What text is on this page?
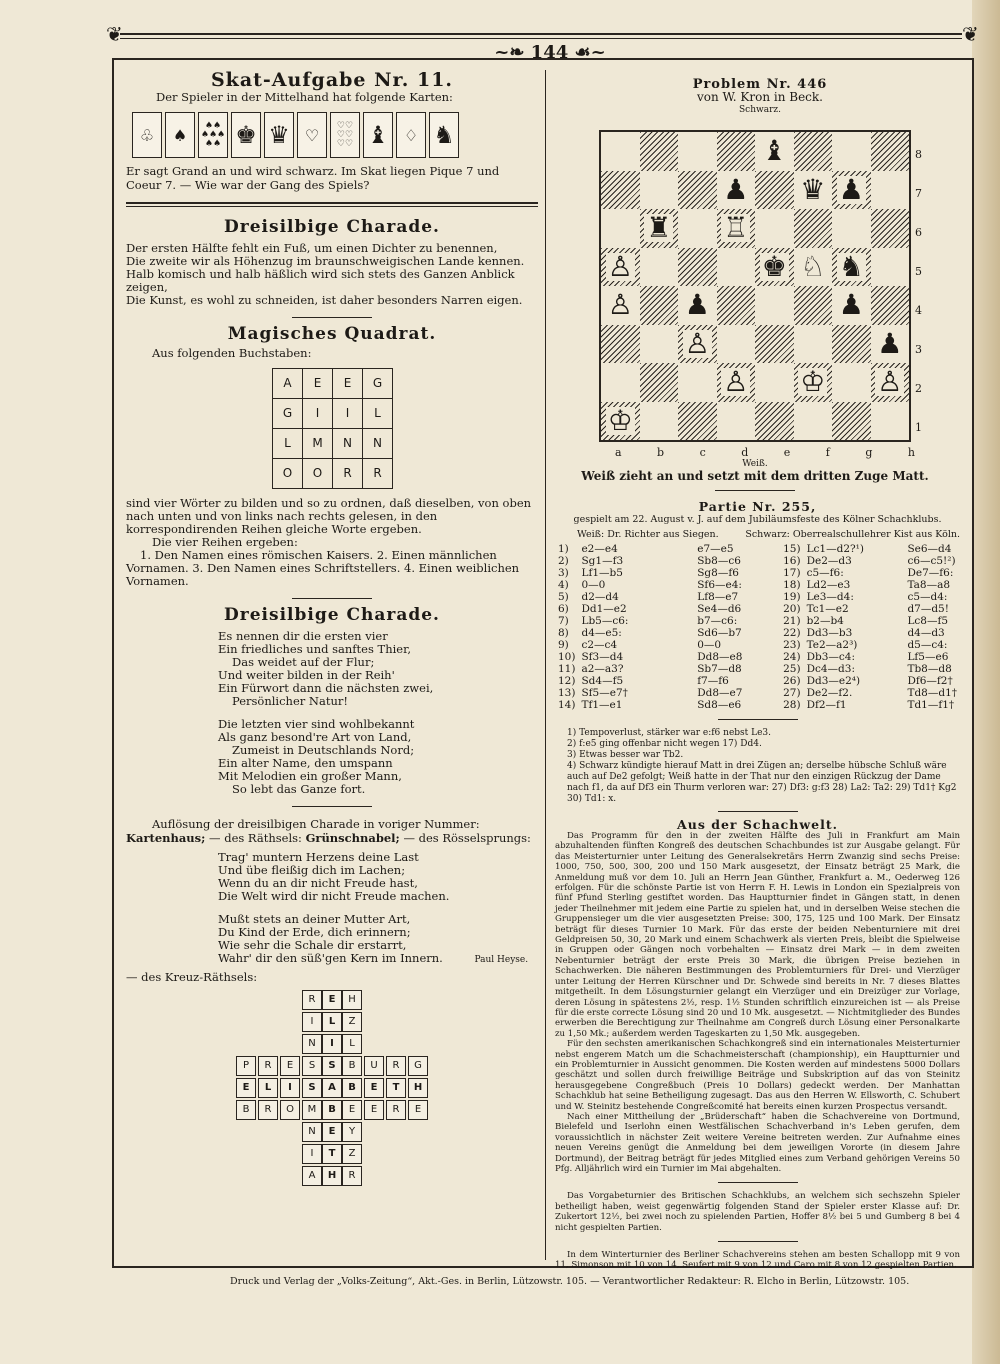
❦	❦
~❧ 144 ☙~
Skat-Aufgabe Nr. 11.

Der Spieler in der Mittelhand hat folgende Karten:

♧	♠	♠♠
♠♠♠
♠♠ ♚ ♛ ♡	♡♡
♡♡
♡♡ ♝ ♢ ♞

Er sagt Grand an und wird schwarz. Im Skat liegen Pique 7 und Coeur 7. — Wie war der Gang des Spiels?

Dreisilbige Charade.
Der ersten Hälfte fehlt ein Fuß, um einen Dichter zu benennen,
Die zweite wir als Höhenzug im braunschweigischen Lande kennen.
Halb komisch und halb häßlich wird sich stets des Ganzen Anblick zeigen,
Die Kunst, es wohl zu schneiden, ist daher besonders Narren eigen.
Magisches Quadrat.

Aus folgenden Buchstaben:

A	E	E	G
G	I	I	L
L	M	N	N
O	O	R	R

sind vier Wörter zu bilden und so zu ordnen, daß dieselben, von oben nach unten und von links nach rechts gelesen, in den korrespondirenden Reihen gleiche Worte ergeben.

Die vier Reihen ergeben:

1. Den Namen eines römischen Kaisers. 2. Einen männlichen Vornamen. 3. Den Namen eines Schriftstellers. 4. Einen weiblichen Vornamen.

Dreisilbige Charade.
Es nennen dir die ersten vier
Ein friedliches und sanftes Thier,
Das weidet auf der Flur;
Und weiter bilden in der Reih'
Ein Fürwort dann die nächsten zwei,
Persönlicher Natur!
Die letzten vier sind wohlbekannt
Als ganz besond're Art von Land,
Zumeist in Deutschlands Nord;
Ein alter Name, den umspann
Mit Melodien ein großer Mann,
So lebt das Ganze fort.

Auflösung der dreisilbigen Charade in voriger Nummer: Kartenhaus; — des Räthsels: Grünschnabel; — des Rösselsprungs:

Trag' muntern Herzens deine Last
Und übe fleißig dich im Lachen;
Wenn du an dir nicht Freude hast,
Die Welt wird dir nicht Freude machen.
Mußt stets an deiner Mutter Art,
Du Kind der Erde, dich erinnern;
Wie sehr die Schale dir erstarrt,
Wahr' dir den süß'gen Kern im Innern.	Paul Heyse.

— des Kreuz-Räthsels:

R	E	H
I	L	Z
N	I	L
P	R	E	S	S	B	U	R	G
E	L	I	S	A	B	E	T	H
B	R	O	M	B	E	E	R	E
N	E	Y
I	T	Z
A	H	R
Problem Nr. 446
von W. Kron in Beck.
Schwarz.
♝
♟ ♛ ♟
♜ ♖
♙	♚ ♘ ♞
♙ ♟	♟
♙	♟
♙ ♔ ♙
♔
8
7
6
5
4
3
2
1
a	b	c	d	e	f	g	h
Weiß.
Weiß zieht an und setzt mit dem dritten Zuge Matt.
Partie Nr. 255,
gespielt am 22. August v. J. auf dem Jubiläumsfeste des Kölner Schachklubs.
Weiß: Dr. Richter aus Siegen.	Schwarz: Oberrealschullehrer Kist aus Köln.
1)	e2—e4	e7—e5	15)	Lc1—d2?¹)	Se6—d4
2)	Sg1—f3	Sb8—c6	16)	De2—d3	c6—c5!²)
3)	Lf1—b5	Sg8—f6	17)	c5—f6:	De7—f6:
4)	0—0	Sf6—e4:	18)	Ld2—e3	Ta8—a8
5)	d2—d4	Lf8—e7	19)	Le3—d4:	c5—d4:
6)	Dd1—e2	Se4—d6	20)	Tc1—e2	d7—d5!
7)	Lb5—c6:	b7—c6:	21)	b2—b4	Lc8—f5
8)	d4—e5:	Sd6—b7	22)	Dd3—b3	d4—d3
9)	c2—c4	0—0	23)	Te2—a2³)	d5—c4:
10)	Sf3—d4	Dd8—e8	24)	Db3—c4:	Lf5—e6
11)	a2—a3?	Sb7—d8	25)	Dc4—d3:	Tb8—d8
12)	Sd4—f5	f7—f6	26)	Dd3—e2⁴)	Df6—f2†
13)	Sf5—e7†	Dd8—e7	27)	De2—f2.	Td8—d1†
14)	Tf1—e1	Sd8—e6	28)	Df2—f1	Td1—f1†
1) Tempoverlust, stärker war e:f6 nebst Le3.
2) f:e5 ging offenbar nicht wegen 17) Dd4.
3) Etwas besser war Tb2.
4) Schwarz kündigte hierauf Matt in drei Zügen an; derselbe hübsche Schluß wäre auch auf De2 gefolgt; Weiß hatte in der That nur den einzigen Rückzug der Dame nach f1, da auf Df3 ein Thurm verloren war: 27) Df3: g:f3 28) La2: Ta2: 29) Td1† Kg2 30) Td1: x.
Aus der Schachwelt.

Das Programm für den in der zweiten Hälfte des Juli in Frankfurt am Main abzuhaltenden fünften Kongreß des deutschen Schachbundes ist zur Ausgabe gelangt. Für das Meisterturnier unter Leitung des Generalsekretärs Herrn Zwanzig sind sechs Preise: 1000, 750, 500, 300, 200 und 150 Mark ausgesetzt, der Einsatz beträgt 25 Mark, die Anmeldung muß vor dem 10. Juli an Herrn Jean Günther, Frankfurt a. M., Oederweg 126 erfolgen. Für die schönste Partie ist von Herrn F. H. Lewis in London ein Spezialpreis von fünf Pfund Sterling gestiftet worden. Das Hauptturnier findet in Gängen statt, in denen jeder Theilnehmer mit jedem eine Partie zu spielen hat, und in derselben Weise stechen die Gruppensieger um die vier ausgesetzten Preise: 300, 175, 125 und 100 Mark. Der Einsatz beträgt für dieses Turnier 10 Mark. Für das erste der beiden Nebenturniere mit drei Geldpreisen 50, 30, 20 Mark und einem Schachwerk als vierten Preis, bleibt die Spielweise in Gruppen oder Gängen noch vorbehalten — Einsatz drei Mark — in dem zweiten Nebenturnier beträgt der erste Preis 30 Mark, die übrigen Preise beziehen in Schachwerken. Die näheren Bestimmungen des Problemturniers für Drei- und Vierzüger unter Leitung der Herren Kürschner und Dr. Schwede sind bereits in Nr. 7 dieses Blattes mitgetheilt. In dem Lösungsturnier gelangt ein Vierzüger und ein Dreizüger zur Vorlage, deren Lösung in spätestens 2½, resp. 1½ Stunden schriftlich einzureichen ist — als Preise für die erste correcte Lösung sind 20 und 10 Mk. ausgesetzt. — Nichtmitglieder des Bundes erwerben die Berechtigung zur Theilnahme am Congreß durch Lösung einer Personalkarte zu 1,50 Mk.; außerdem werden Tageskarten zu 1,50 Mk. ausgegeben.

Für den sechsten amerikanischen Schachkongreß sind ein internationales Meisterturnier nebst engerem Match um die Schachmeisterschaft (championship), ein Hauptturnier und ein Problemturnier in Aussicht genommen. Die Kosten werden auf mindestens 5000 Dollars geschätzt und sollen durch freiwillige Beiträge und Subskription auf das von Steinitz herausgegebene Congreßbuch (Preis 10 Dollars) gedeckt werden. Der Manhattan Schachklub hat seine Betheiligung zugesagt. Das aus den Herren W. Ellsworth, C. Schubert und W. Steinitz bestehende Congreßcomité hat bereits einen kurzen Prospectus versandt.

Nach einer Mittheilung der „Brüderschaft“ haben die Schachvereine von Dortmund, Bielefeld und Iserlohn einen Westfälischen Schachverband in's Leben gerufen, dem voraussichtlich in nächster Zeit weitere Vereine beitreten werden. Zur Aufnahme eines neuen Vereins genügt die Anmeldung bei dem jeweiligen Vororte (in diesem Jahre Dortmund), der Beitrag beträgt für jedes Mitglied eines zum Verband gehörigen Vereins 50 Pfg. Alljährlich wird ein Turnier im Mai abgehalten.

Das Vorgabeturnier des Britischen Schachklubs, an welchem sich sechszehn Spieler betheiligt haben, weist gegenwärtig folgenden Stand der Spieler erster Klasse auf: Dr. Zukertort 12½, bei zwei noch zu spielenden Partien, Hoffer 8½ bei 5 und Gumberg 8 bei 4 nicht gespielten Partien.

In dem Winterturnier des Berliner Schachvereins stehen am besten Schallopp mit 9 von 11, Simonson mit 10 von 14, Seufert mit 9 von 12 und Caro mit 8 von 12 gespielten Partien.

Druck und Verlag der „Volks-Zeitung“, Akt.-Ges. in Berlin, Lützowstr. 105. — Verantwortlicher Redakteur: R. Elcho in Berlin, Lützowstr. 105.
